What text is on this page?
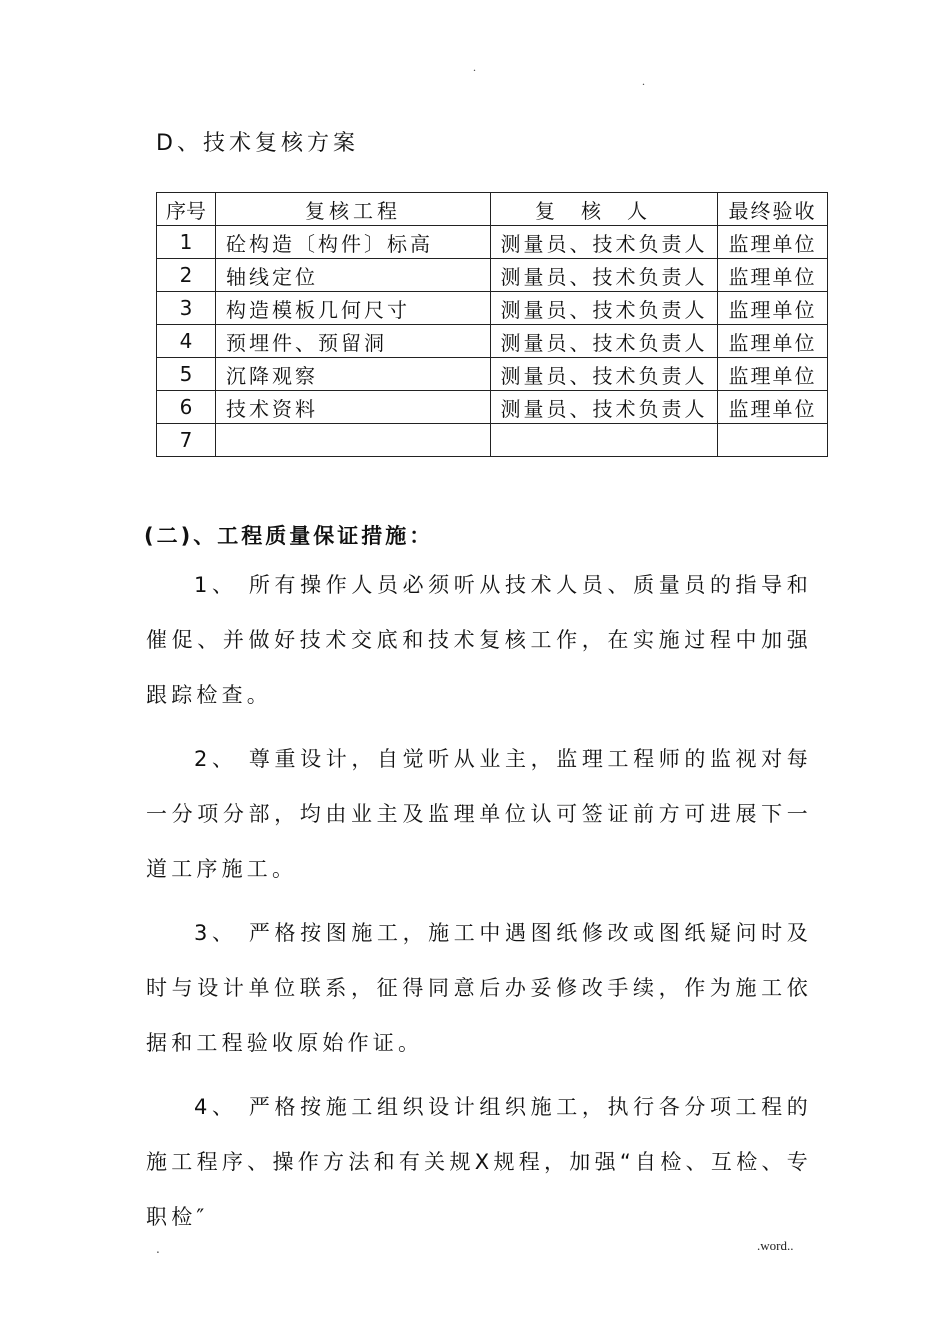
.
.
D、技术复核方案
序号	复核工程	复核人	最终验收
1	砼构造〔构件〕标高	测量员、技术负责人	监理单位
2	轴线定位	测量员、技术负责人	监理单位
3	构造模板几何尺寸	测量员、技术负责人	监理单位
4	预埋件、预留洞	测量员、技术负责人	监理单位
5	沉降观察	测量员、技术负责人	监理单位
6	技术资料	测量员、技术负责人	监理单位
7			
(二)、工程质量保证措施：

1、 所有操作人员必须听从技术人员、质量员的指导和催促、并做好技术交底和技术复核工作，在实施过程中加强跟踪检查。

2、 尊重设计，自觉听从业主，监理工程师的监视对每一分项分部，均由业主及监理单位认可签证前方可进展下一道工序施工。

3、 严格按图施工，施工中遇图纸修改或图纸疑问时及时与设计单位联系，征得同意后办妥修改手续，作为施工依据和工程验收原始作证。

4、 严格按施工组织设计组织施工，执行各分项工程的施工程序、操作方法和有关规X规程，加强“自检、互检、专职检″

.	.word..
